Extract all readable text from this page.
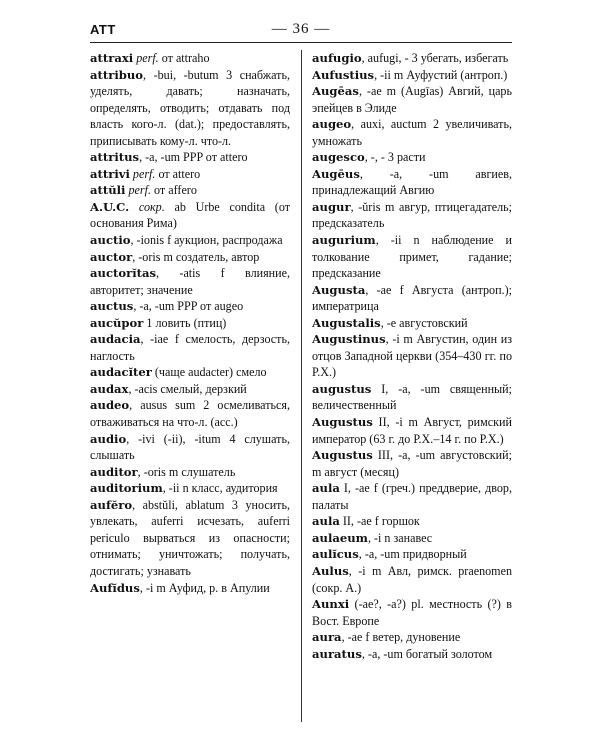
ATT	— 36 —
attraxi perf. от attraho
attribuo, -bui, -butum 3 снабжать, уделять, давать; назначать, определять, отводить; отдавать под власть кого-л. (dat.); предоставлять, приписывать кому-л. что-л.
attritus, -a, -um PPP от attero
attrivi perf. от attero
attŭli perf. от affero
A.U.C. сокр. ab Urbe condita (от основания Рима)
auctio, -ionis f аукцион, распродажа
auctor, -oris m создатель, автор
auctorĭtas, -atis f влияние, авторитет; значение
auctus, -a, -um PPP от augeo
aucŭpor 1 ловить (птиц)
audacia, -iae f смелость, дерзость, наглость
audacĭter (чаще audacter) смело
audax, -acis смелый, дерзкий
audeo, ausus sum 2 осмеливаться, отваживаться на что-л. (acc.)
audio, -ivi (-ii), -itum 4 слушать, слышать
auditor, -oris m слушатель
auditorium, -ii n класс, аудитория
aufĕro, abstŭli, ablatum 3 уносить, увлекать, auferri исчезать, auferri periculo вырваться из опасности; отнимать; уничтожать; получать, достигать; узнавать
Aufĭdus, -i m Ауфид, р. в Апулии
aufugio, aufugi, - 3 убегать, избегать
Aufustius, -ii m Ауфустий (антроп.)
Augēas, -ae m (Augīas) Авгий, царь эпейцев в Элиде
augeo, auxi, auctum 2 увеличивать, умножать
augesco, -, - 3 расти
Augēus, -a, -um авгиев, принадлежащий Авгию
augur, -ŭris m авгур, птицегадатель; предсказатель
augurium, -ii n наблюдение и толкование примет, гадание; предсказание
Augusta, -ae f Августа (антроп.); императрица
Augustalis, -e августовский
Augustinus, -i m Августин, один из отцов Западной церкви (354–430 гг. по Р.Х.)
augustus I, -a, -um священный; величественный
Augustus II, -i m Август, римский император (63 г. до Р.Х.–14 г. по Р.Х.)
Augustus III, -a, -um августовский; m август (месяц)
aula I, -ae f (греч.) преддверие, двор, палаты
aula II, -ae f горшок
aulaeum, -i n занавес
aulĭcus, -a, -um придворный
Aulus, -i m Авл, римск. praenomen (сокр. A.)
Aunxi (-ae?, -a?) pl. местность (?) в Вост. Европе
aura, -ae f ветер, дуновение
auratus, -a, -um богатый золотом
